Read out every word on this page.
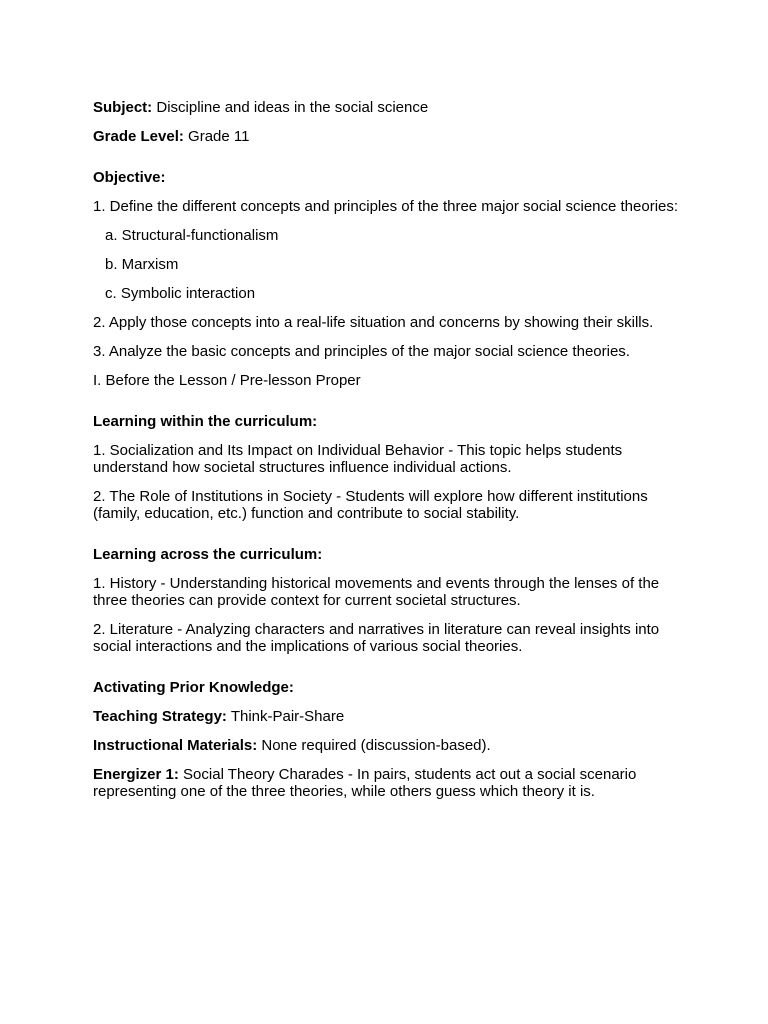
Subject: Discipline and ideas in the social science

Grade Level: Grade 11

Objective:

1. Define the different concepts and principles of the three major social science theories:

a. Structural-functionalism

b. Marxism

c. Symbolic interaction

2. Apply those concepts into a real-life situation and concerns by showing their skills.

3. Analyze the basic concepts and principles of the major social science theories.

I. Before the Lesson / Pre-lesson Proper

Learning within the curriculum:

1. Socialization and Its Impact on Individual Behavior - This topic helps students understand how societal structures influence individual actions.

2. The Role of Institutions in Society - Students will explore how different institutions (family, education, etc.) function and contribute to social stability.

Learning across the curriculum:

1. History - Understanding historical movements and events through the lenses of the three theories can provide context for current societal structures.

2. Literature - Analyzing characters and narratives in literature can reveal insights into social interactions and the implications of various social theories.

Activating Prior Knowledge:

Teaching Strategy: Think-Pair-Share

Instructional Materials: None required (discussion-based).

Energizer 1: Social Theory Charades - In pairs, students act out a social scenario representing one of the three theories, while others guess which theory it is.
